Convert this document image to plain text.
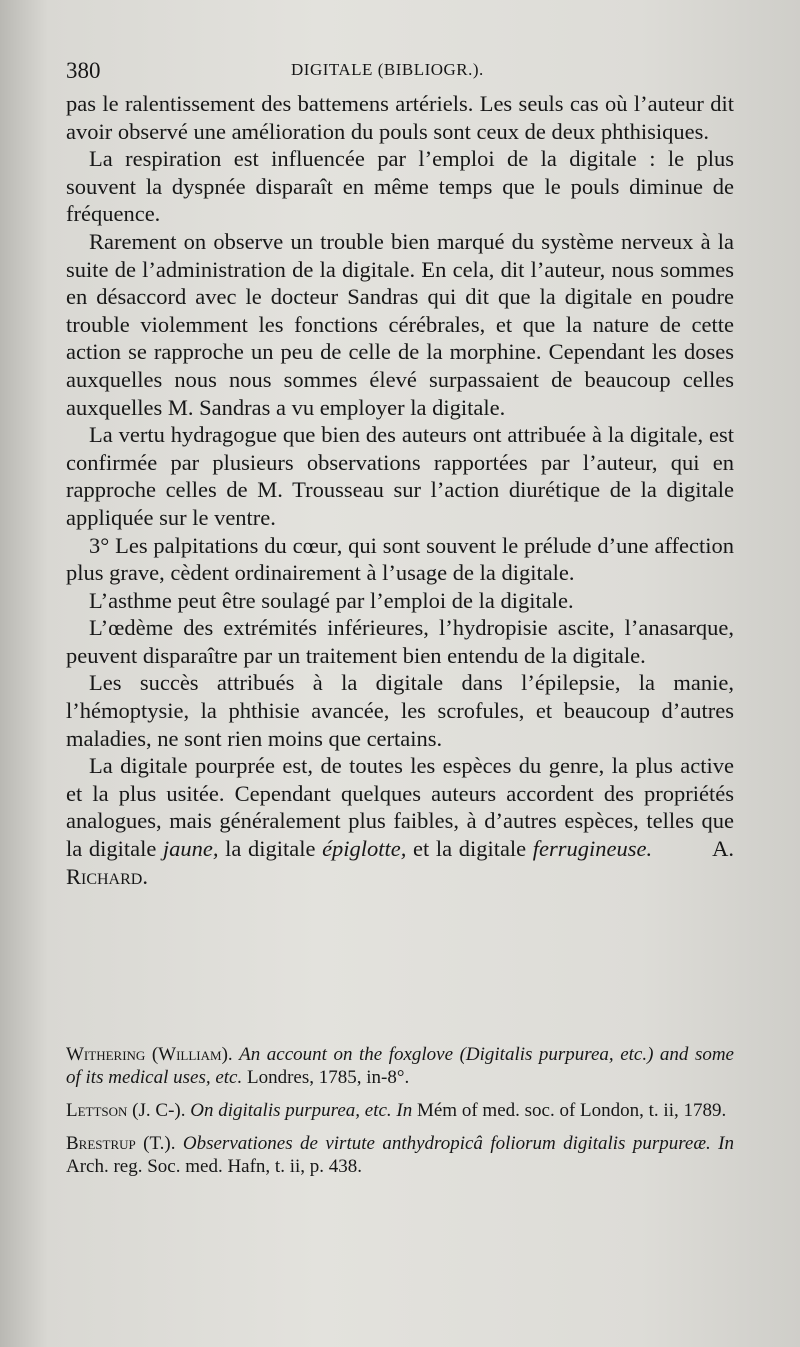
380	DIGITALE (BIBLIOGR.).

pas le ralentissement des battemens artériels. Les seuls cas où l’auteur dit avoir observé une amélioration du pouls sont ceux de deux phthisiques.

La respiration est influencée par l’emploi de la digitale : le plus souvent la dyspnée disparaît en même temps que le pouls diminue de fréquence.

Rarement on observe un trouble bien marqué du système nerveux à la suite de l’administration de la digitale. En cela, dit l’auteur, nous sommes en désaccord avec le docteur Sandras qui dit que la digitale en poudre trouble violemment les fonctions cérébrales, et que la nature de cette action se rapproche un peu de celle de la morphine. Cependant les doses auxquelles nous nous sommes élevé surpassaient de beaucoup celles auxquelles M. Sandras a vu employer la digitale.

La vertu hydragogue que bien des auteurs ont attribuée à la digitale, est confirmée par plusieurs observations rapportées par l’auteur, qui en rapproche celles de M. Trousseau sur l’action diurétique de la digitale appliquée sur le ventre.

3° Les palpitations du cœur, qui sont souvent le prélude d’une affection plus grave, cèdent ordinairement à l’usage de la digitale.

L’asthme peut être soulagé par l’emploi de la digitale.

L’œdème des extrémités inférieures, l’hydropisie ascite, l’anasarque, peuvent disparaître par un traitement bien entendu de la digitale.

Les succès attribués à la digitale dans l’épilepsie, la manie, l’hémoptysie, la phthisie avancée, les scrofules, et beaucoup d’autres maladies, ne sont rien moins que certains.

La digitale pourprée est, de toutes les espèces du genre, la plus active et la plus usitée. Cependant quelques auteurs accordent des propriétés analogues, mais généralement plus faibles, à d’autres espèces, telles que la digitale jaune, la digitale épiglotte, et la digitale ferrugineuse.	A. Richard.

Withering (William). An account on the foxglove (Digitalis purpurea, etc.) and some of its medical uses, etc. Londres, 1785, in-8°.

Lettson (J. C-). On digitalis purpurea, etc. In Mém of med. soc. of London, t. ii, 1789.

Brestrup (T.). Observationes de virtute anthydropicâ foliorum digitalis purpureæ. In Arch. reg. Soc. med. Hafn, t. ii, p. 438.
